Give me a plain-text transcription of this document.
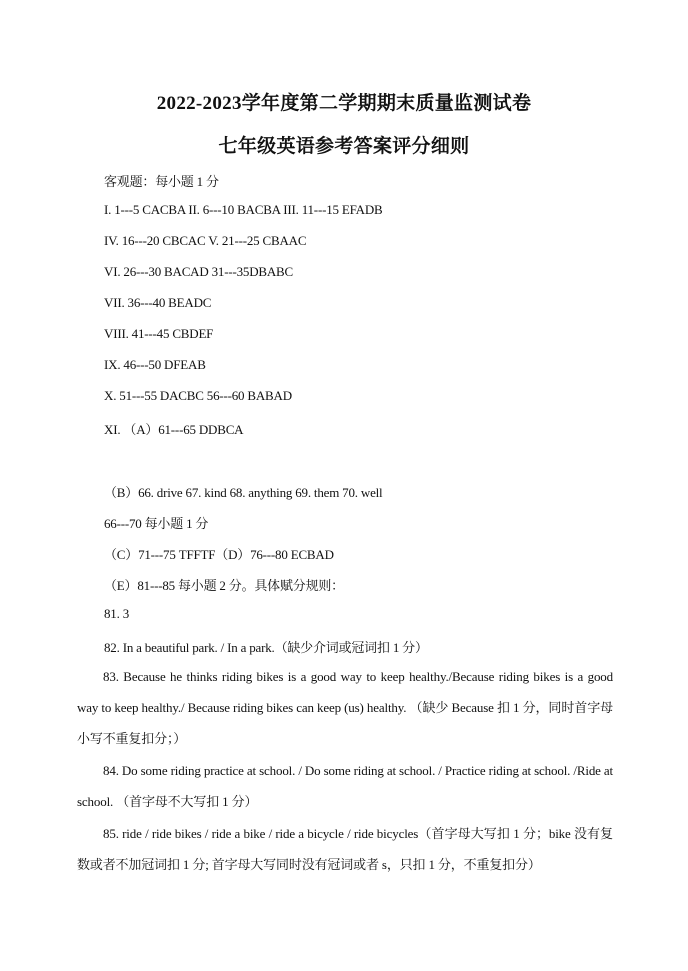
2022-2023学年度第二学期期末质量监测试卷
七年级英语参考答案评分细则
客观题：每小题 1 分
I. 1---5 CACBA II. 6---10 BACBA III. 11---15 EFADB
IV. 16---20 CBCAC V. 21---25 CBAAC
VI. 26---30 BACAD 31---35DBABC
VII. 36---40 BEADC
VIII. 41---45 CBDEF
IX. 46---50 DFEAB
X. 51---55 DACBC 56---60 BABAD
XI. （A）61---65 DDBCA
（B）66. drive 67. kind 68. anything 69. them 70. well
66---70 每小题 1 分
（C）71---75 TFFTF（D）76---80 ECBAD
（E）81---85 每小题 2 分。具体赋分规则：
81. 3
82. In a beautiful park. / In a park.（缺少介词或冠词扣 1 分）
83. Because he thinks riding bikes is a good way to keep healthy./Because riding bikes is a good way to keep healthy./ Because riding bikes can keep (us) healthy. （缺少 Because 扣 1 分，同时首字母小写不重复扣分；）
84. Do some riding practice at school. / Do some riding at school. / Practice riding at school. /Ride at school. （首字母不大写扣 1 分）
85. ride / ride bikes / ride a bike / ride a bicycle / ride bicycles（首字母大写扣 1 分；bike 没有复数或者不加冠词扣 1 分; 首字母大写同时没有冠词或者 s，只扣 1 分，不重复扣分）
